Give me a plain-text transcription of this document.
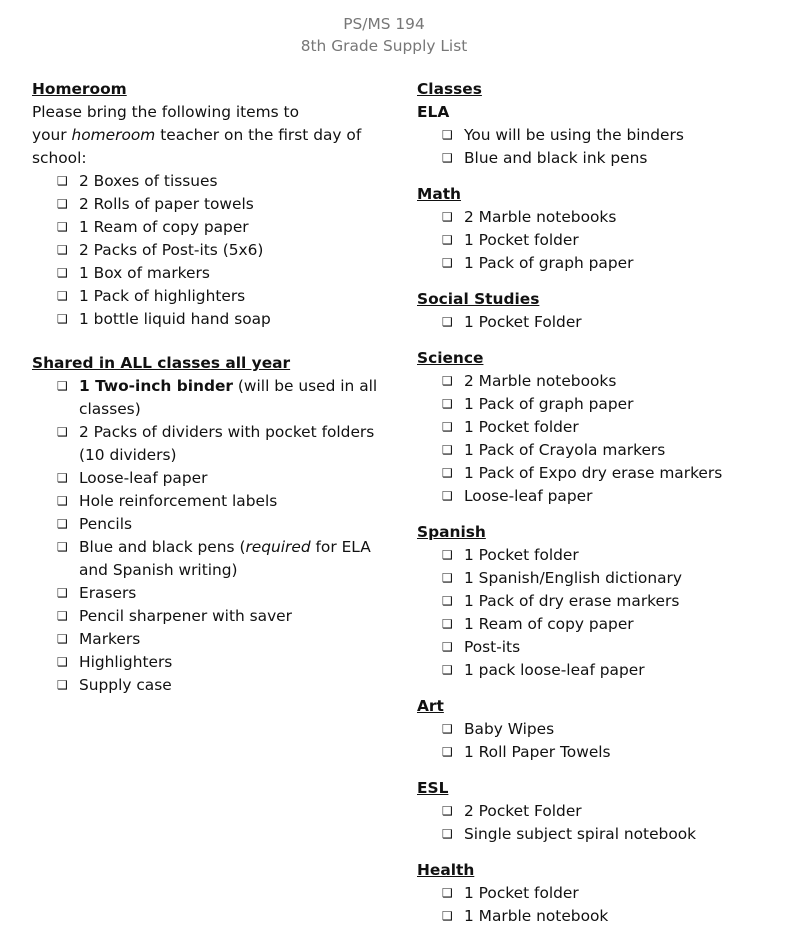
PS/MS 194
8th Grade Supply List
Homeroom
Please bring the following items to
your homeroom teacher on the first day of
school:
❑ 2 Boxes of tissues
❑ 2 Rolls of paper towels
❑ 1 Ream of copy paper
❑ 2 Packs of Post-its (5x6)
❑ 1 Box of markers
❑ 1 Pack of highlighters
❑ 1 bottle liquid hand soap
Shared in ALL classes all year
❑ 1 Two-inch binder (will be used in all classes)
❑ 2 Packs of dividers with pocket folders (10 dividers)
❑ Loose-leaf paper
❑ Hole reinforcement labels
❑ Pencils
❑ Blue and black pens (required for ELA and Spanish writing)
❑ Erasers
❑ Pencil sharpener with saver
❑ Markers
❑ Highlighters
❑ Supply case
Classes
ELA
❑ You will be using the binders
❑ Blue and black ink pens
Math
❑ 2 Marble notebooks
❑ 1 Pocket folder
❑ 1 Pack of graph paper
Social Studies
❑ 1 Pocket Folder
Science
❑ 2 Marble notebooks
❑ 1 Pack of graph paper
❑ 1 Pocket folder
❑ 1 Pack of Crayola markers
❑ 1 Pack of Expo dry erase markers
❑ Loose-leaf paper
Spanish
❑ 1 Pocket folder
❑ 1 Spanish/English dictionary
❑ 1 Pack of dry erase markers
❑ 1 Ream of copy paper
❑ Post-its
❑ 1 pack loose-leaf paper
Art
❑ Baby Wipes
❑ 1 Roll Paper Towels
ESL
❑ 2 Pocket Folder
❑ Single subject spiral notebook
Health
❑ 1 Pocket folder
❑ 1 Marble notebook
